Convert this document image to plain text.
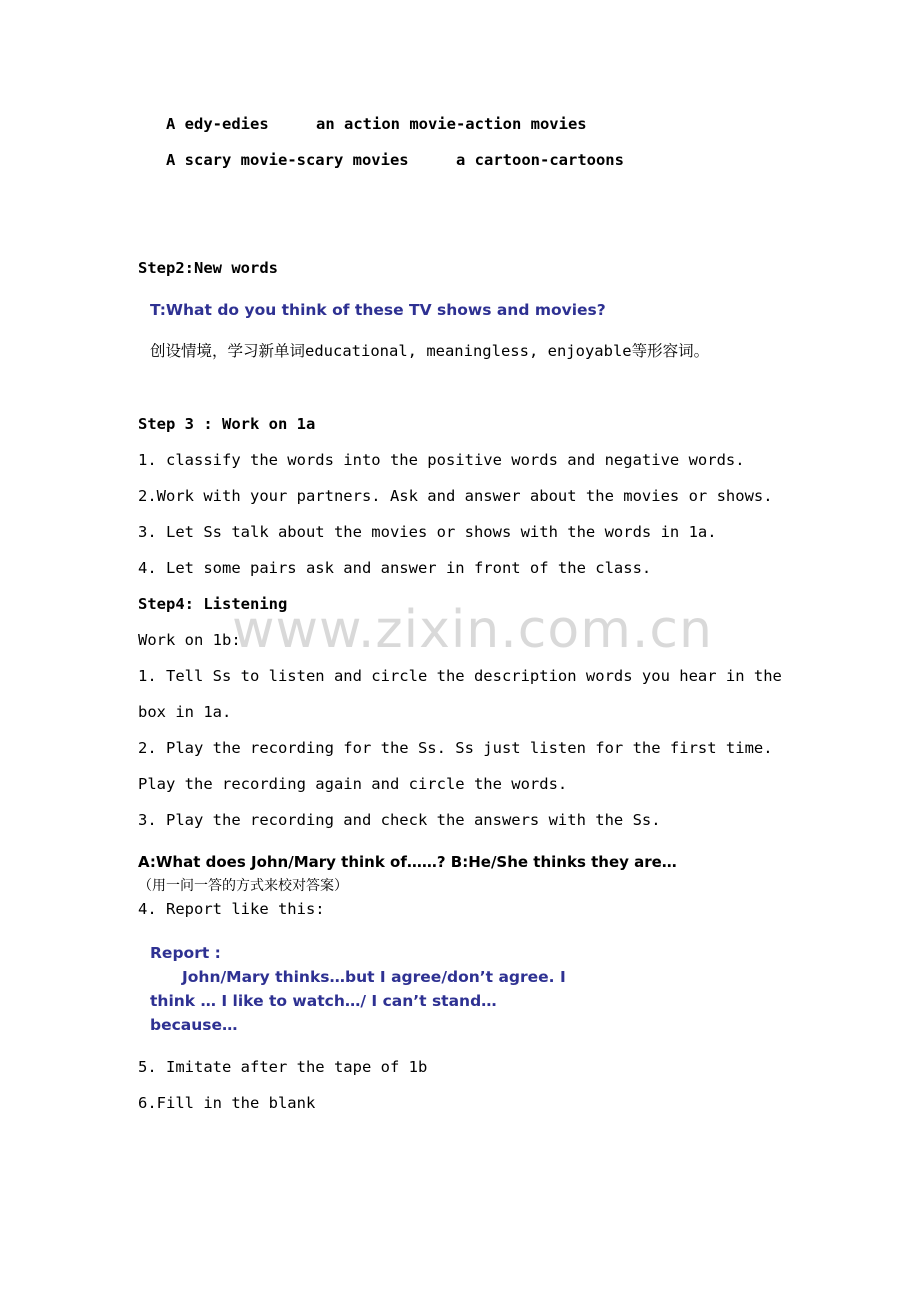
www.zixin.com.cn
A edy-edies	an action movie-action movies
A scary movie-scary movies	a cartoon-cartoons
Step2:New words
T:What do you think of these TV shows and movies?
创设情境，学习新单词educational, meaningless, enjoyable等形容词。
Step 3 : Work on 1a
1. classify the words into the positive words and negative words.
2.Work with your partners. Ask and answer about the movies or shows.
3. Let Ss talk about the movies or shows with the words in 1a.
4. Let some pairs ask and answer in front of the class.
Step4: Listening
Work on 1b:
1. Tell Ss to listen and circle the description words you hear in the
box in 1a.
2. Play the recording for the Ss. Ss just listen for the first time.
Play the recording again and circle the words.
3. Play the recording and check the answers with the Ss.
A:What does John/Mary think of……? B:He/She thinks they are…
（用一问一答的方式来校对答案）
4. Report like this:
Report :
John/Mary thinks…but I agree/don’t agree. I
think … I like to watch…/ I can’t stand…
because…
5. Imitate after the tape of 1b
6.Fill in the blank
